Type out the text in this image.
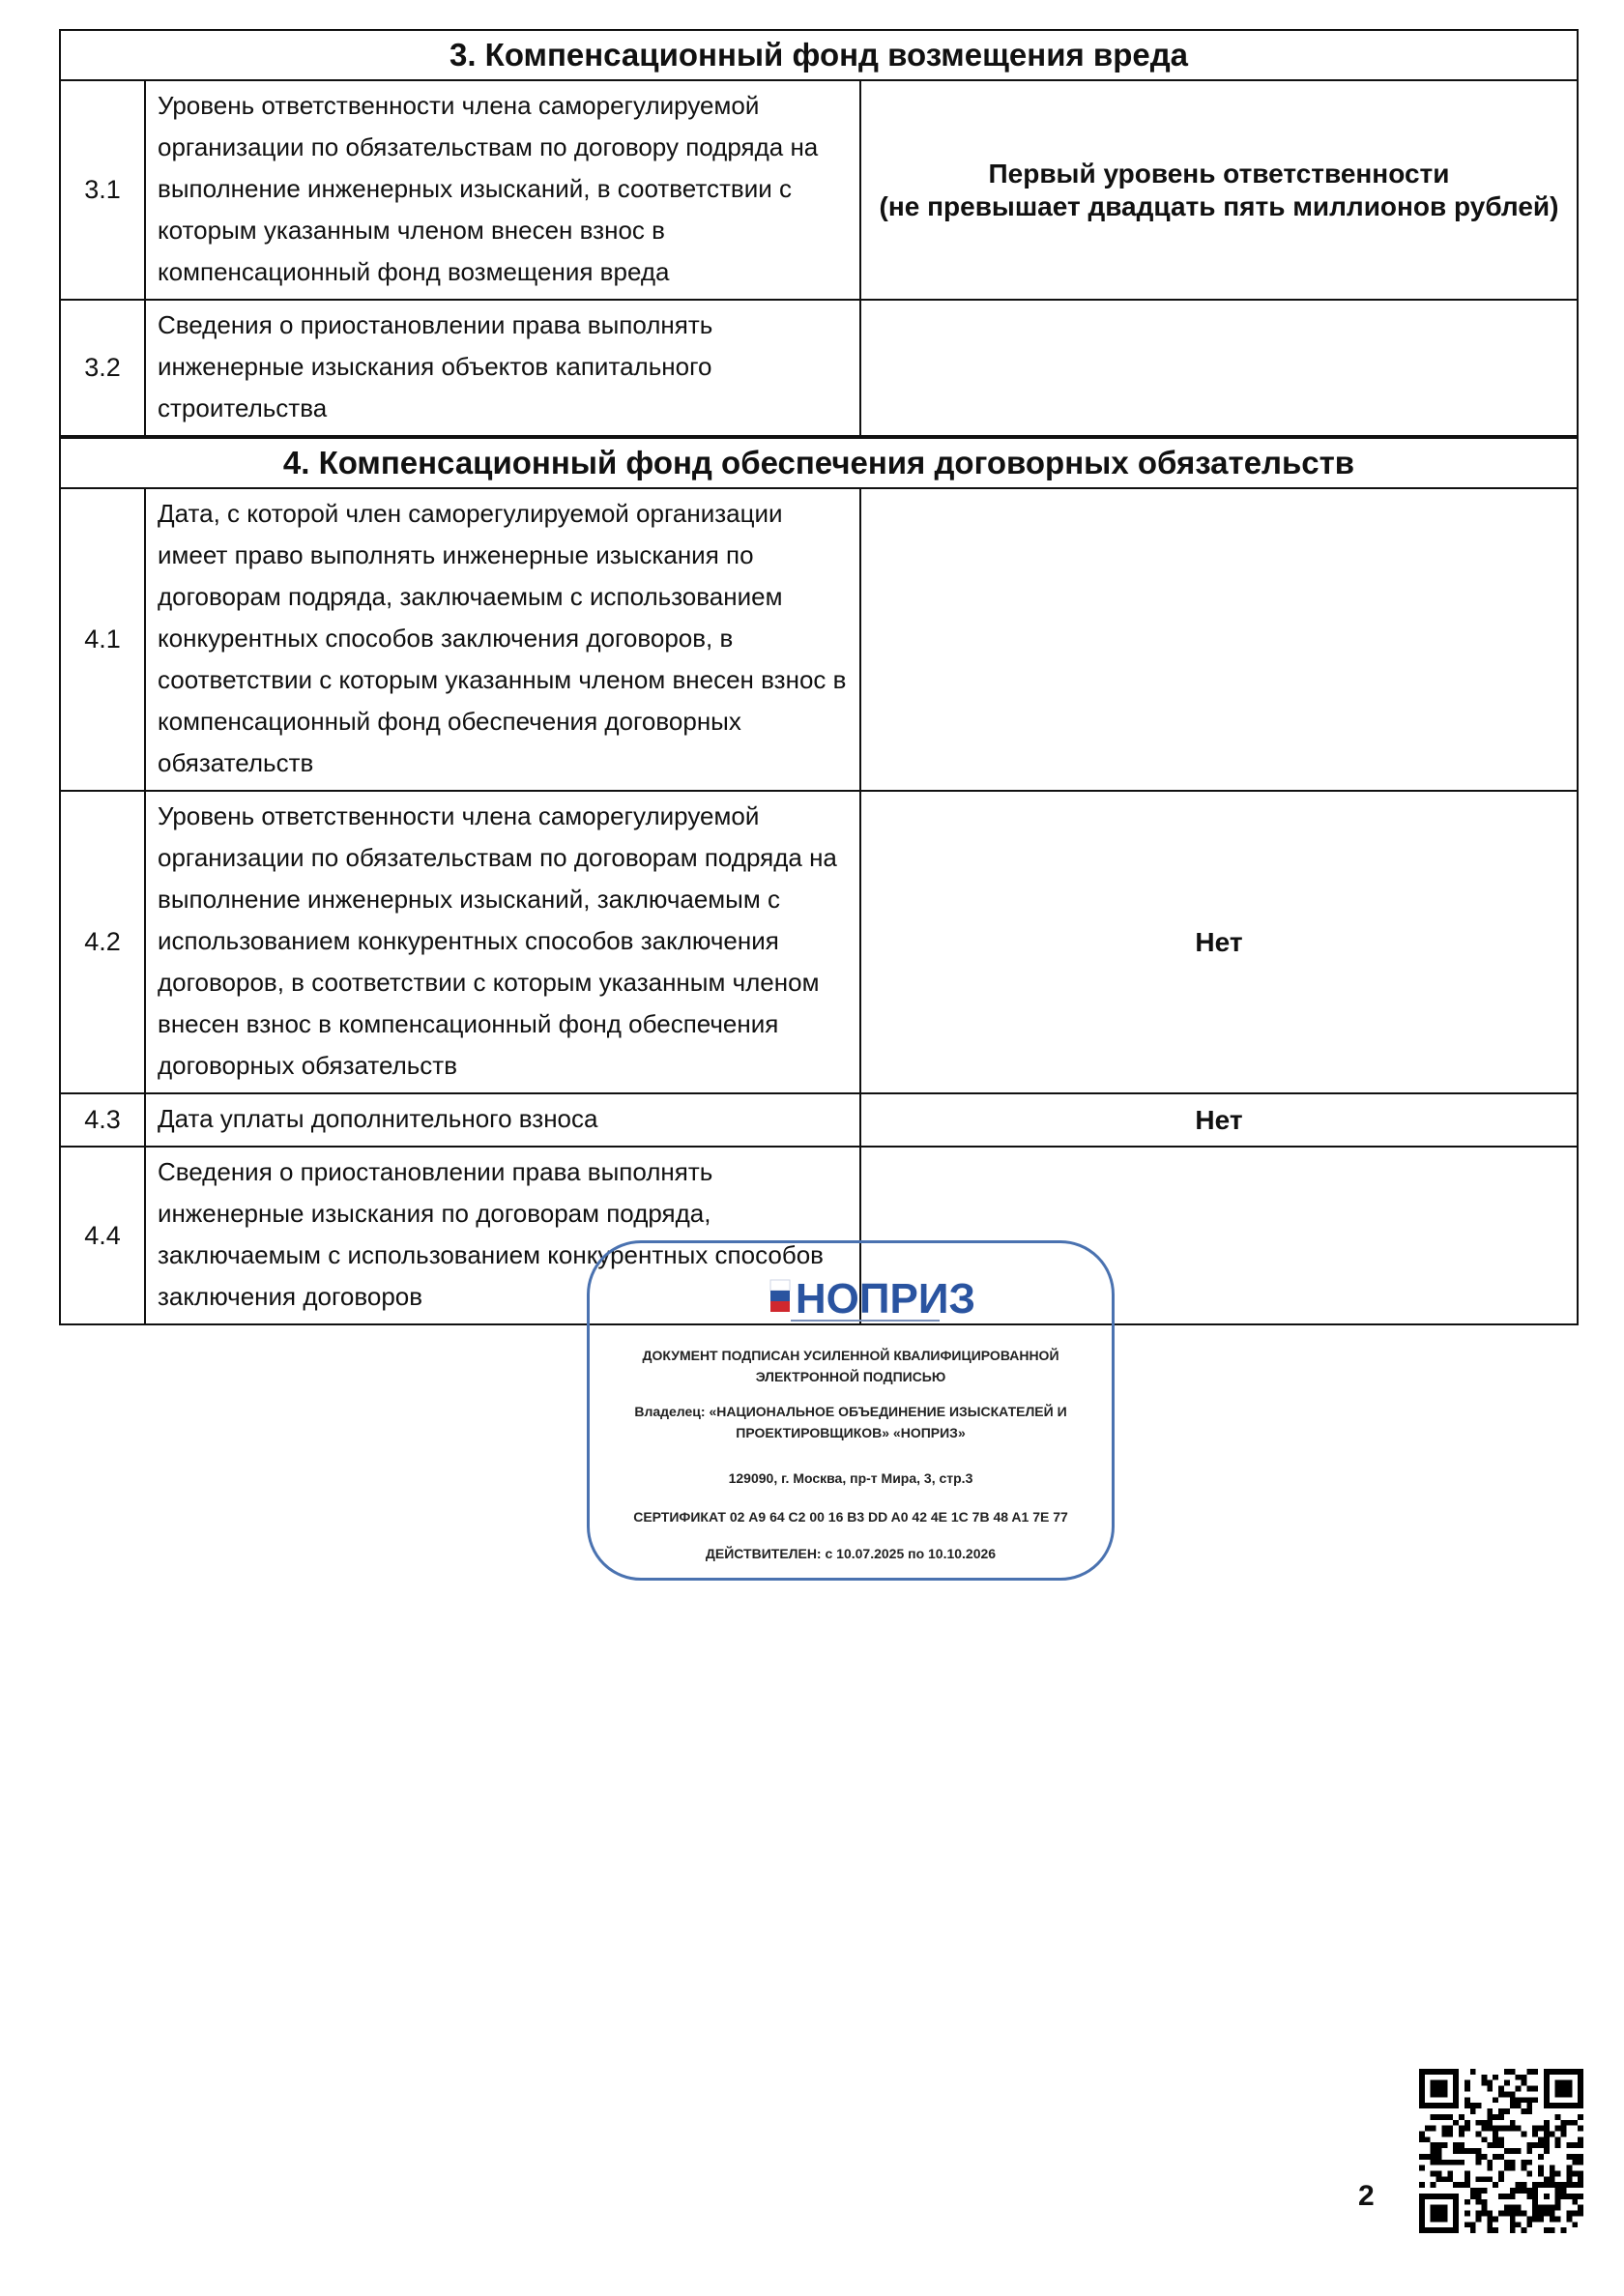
3. Компенсационный фонд возмещения вреда		
3.1	Уровень ответственности члена саморегулируемой организации по обязательствам по договору подряда на выполнение инженерных изысканий, в соответствии с которым указанным членом внесен взнос в компенсационный фонд возмещения вреда	Первый уровень ответственности
(не превышает двадцать пять миллионов рублей)

3.2	Сведения о приостановлении права выполнять инженерные изыскания объектов капитального строительства	
4. Компенсационный фонд обеспечения договорных обязательств		
4.1	Дата, с которой член саморегулируемой организации имеет право выполнять инженерные изыскания по договорам подряда, заключаемым с использованием конкурентных способов заключения договоров, в соответствии с которым указанным членом внесен взнос в компенсационный фонд обеспечения договорных обязательств	
4.2	Уровень ответственности члена саморегулируемой организации по обязательствам по договорам подряда на выполнение инженерных изысканий, заключаемым с использованием конкурентных способов заключения договоров, в соответствии с которым указанным членом внесен взнос в компенсационный фонд обеспечения договорных обязательств	Нет
4.3	Дата уплаты дополнительного взноса	Нет
4.4	Сведения о приостановлении права выполнять инженерные изыскания по договорам подряда, заключаемым с использованием конкурентных способов заключения договоров		НОПРИЗ
ДОКУМЕНТ ПОДПИСАН УСИЛЕННОЙ КВАЛИФИЦИРОВАННОЙ
ЭЛЕКТРОННОЙ ПОДПИСЬЮ
Владелец: «НАЦИОНАЛЬНОЕ ОБЪЕДИНЕНИЕ ИЗЫСКАТЕЛЕЙ И
ПРОЕКТИРОВЩИКОВ» «НОПРИЗ»
129090, г. Москва, пр-т Мира, 3, стр.3
СЕРТИФИКАТ 02 A9 64 C2 00 16 B3 DD A0 42 4E 1C 7B 48 A1 7E 77
ДЕЙСТВИТЕЛЕН: с 10.07.2025 по 10.10.2026
2
